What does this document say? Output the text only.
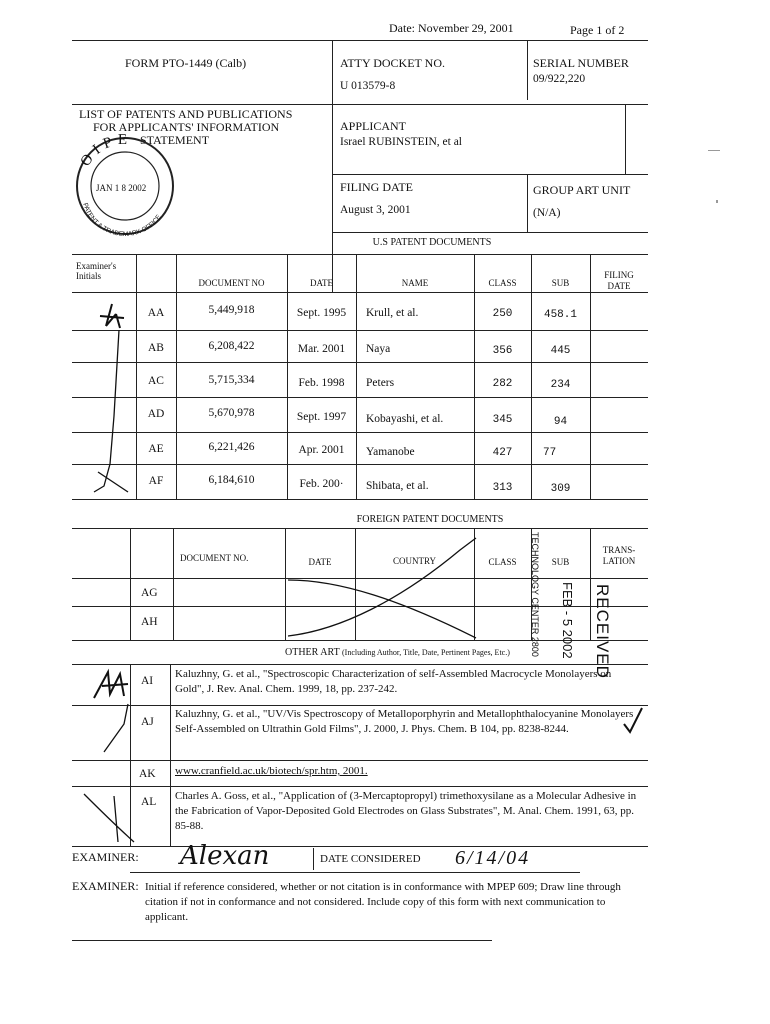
Date: November 29, 2001	Page 1 of 2
FORM PTO-1449 (Calb)	ATTY DOCKET NO.
U 013579-8
SERIAL NUMBER
09/922,220
LIST OF PATENTS AND PUBLICATIONS
FOR APPLICANTS' INFORMATION
STATEMENT
APPLICANT
Israel RUBINSTEIN, et al
FILING DATE
August 3, 2001
GROUP ART UNIT
(N/A)
OIPE
JAN 1 8 2002
PATENT & TRADEMARK OFFICE
U.S PATENT DOCUMENTS
Examiner's Initials
DOCUMENT NO	DATE	NAME	CLASS	SUB
FILING
DATE
AA	5,449,918	Sept. 1995	Krull, et al.	250	458.1
AB	6,208,422	Mar. 2001	Naya	356	445
AC	5,715,334	Feb. 1998	Peters	282	234
AD	5,670,978	Sept. 1997	Kobayashi, et al.	345	94
AE	6,221,426	Apr. 2001	Yamanobe	427	77
AF	6,184,610	Feb. 200·	Shibata, et al.	313	309
FOREIGN PATENT DOCUMENTS
DOCUMENT NO.	DATE	COUNTRY	CLASS	SUB
TRANS-
LATION
AG
AH	TECHNOLOGY CENTER 2800 FEB - 5 2002 RECEIVED
OTHER ART (Including Author, Title, Date, Pertinent Pages, Etc.)
AI
Kaluzhny, G. et al., "Spectroscopic Characterization of self-Assembled Macrocycle Monolayers on Gold", J. Rev. Anal. Chem. 1999, 18, pp. 237-242.
AJ
Kaluzhny, G. et al., "UV/Vis Spectroscopy of Metalloporphyrin and Metallophthalocyanine Monolayers Self-Assembled on Ultrathin Gold Films", J. 2000, J. Phys. Chem. B 104, pp. 8238-8244.
AK www.cranfield.ac.uk/biotech/spr.htm, 2001.
AL Charles A. Goss, et al., "Application of (3-Mercaptopropyl) trimethoxysilane as a Molecular Adhesive in the Fabrication of Vapor-Deposited Gold Electrodes on Glass Substrates", M. Anal. Chem. 1991, 63, pp. 85-88.
EXAMINER: Alexan	DATE CONSIDERED 6/14/04
EXAMINER: Initial if reference considered, whether or not citation is in conformance with MPEP 609; Draw line through citation if not in conformance and not considered. Include copy of this form with next communication to applicant.
